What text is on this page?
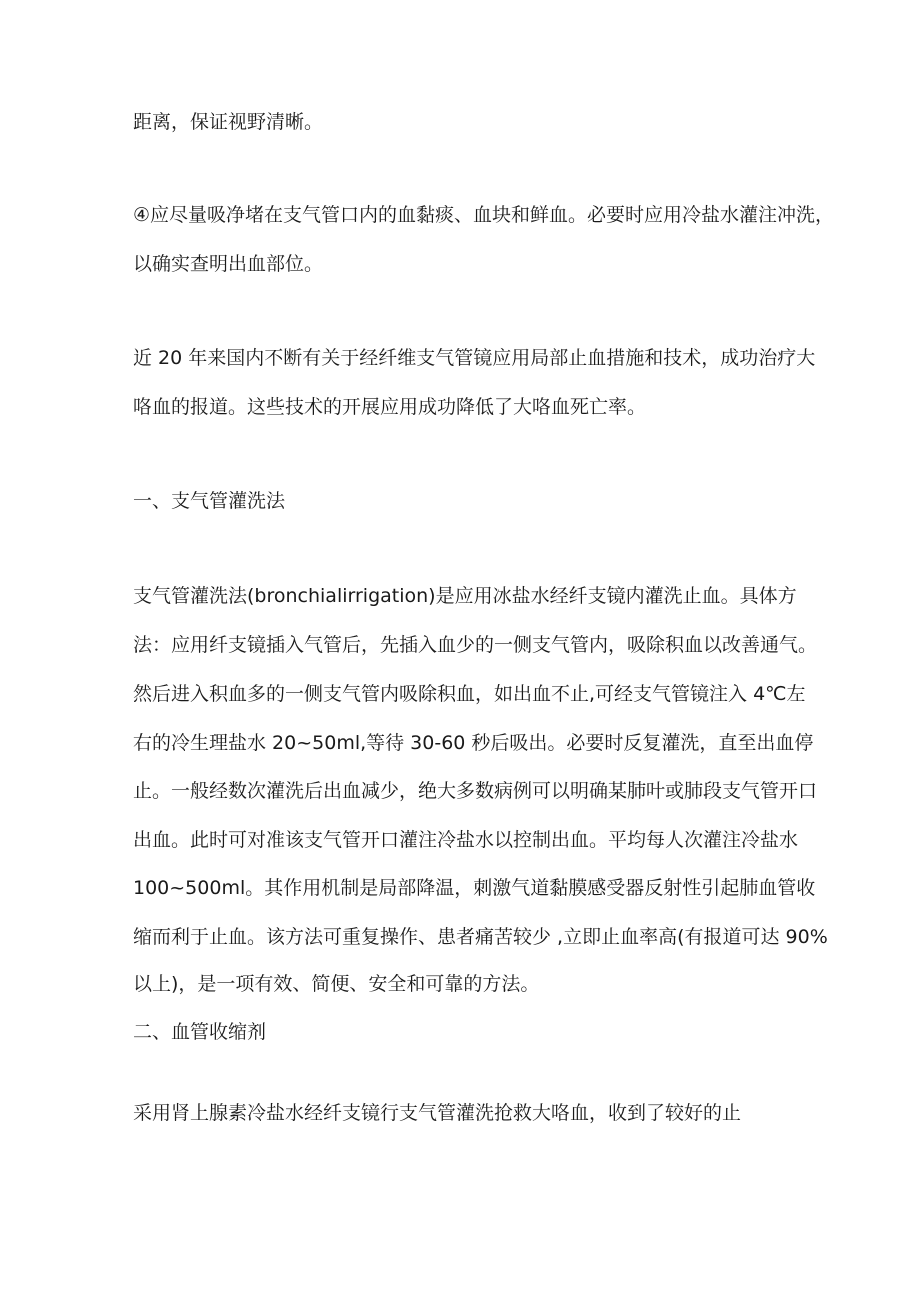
距离，保证视野清晰。
④应尽量吸净堵在支气管口内的血黏痰、血块和鲜血。必要时应用冷盐水灌注冲洗，
以确实查明出血部位。
近 20 年来国内不断有关于经纤维支气管镜应用局部止血措施和技术，成功治疗大
咯血的报道。这些技术的开展应用成功降低了大咯血死亡率。
一、支气管灌洗法
支气管灌洗法(bronchialirrigation)是应用冰盐水经纤支镜内灌洗止血。具体方
法：应用纤支镜插入气管后，先插入血少的一侧支气管内，吸除积血以改善通气。
然后进入积血多的一侧支气管内吸除积血，如出血不止,可经支气管镜注入 4℃左
右的冷生理盐水 20~50ml,等待 30-60 秒后吸出。必要时反复灌洗，直至出血停
止。一般经数次灌洗后出血减少，绝大多数病例可以明确某肺叶或肺段支气管开口
出血。此时可对准该支气管开口灌注冷盐水以控制出血。平均每人次灌注冷盐水
100~500ml。其作用机制是局部降温，刺激气道黏膜感受器反射性引起肺血管收
缩而利于止血。该方法可重复操作、患者痛苦较少 ,立即止血率高(有报道可达 90%
以上)，是一项有效、简便、安全和可靠的方法。
二、血管收缩剂
采用肾上腺素冷盐水经纤支镜行支气管灌洗抢救大咯血，收到了较好的止
